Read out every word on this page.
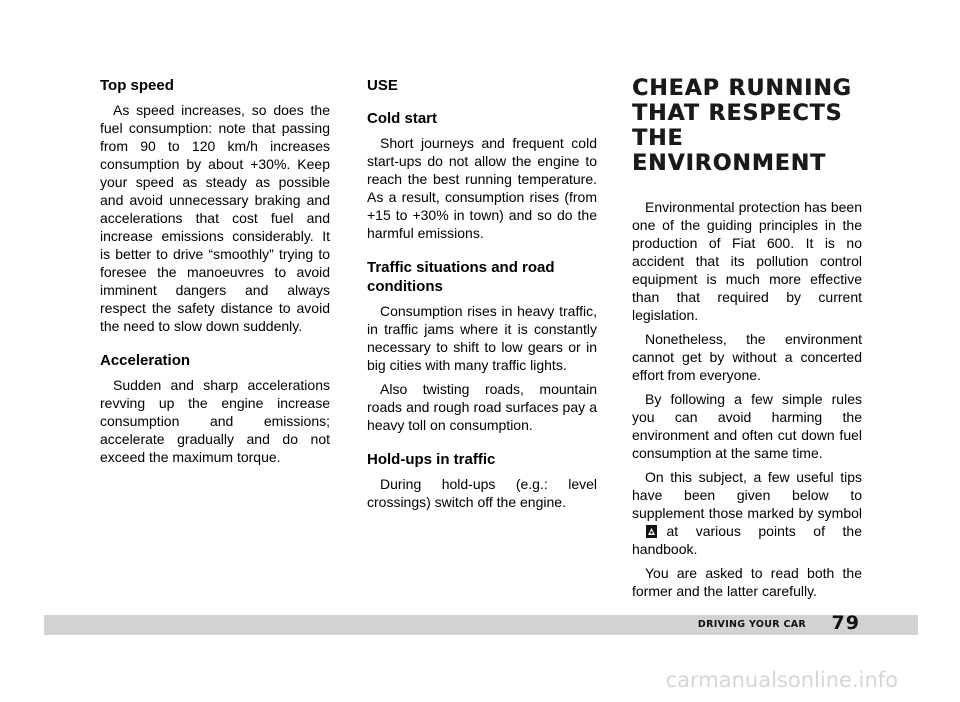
Top speed

As speed increases, so does the fuel consumption: note that passing from 90 to 120 km/h increases consumption by about +30%. Keep your speed as steady as possible and avoid unnecessary braking and accelerations that cost fuel and increase emissions considerably. It is better to drive “smoothly” trying to foresee the manoeuvres to avoid imminent dangers and always respect the safety distance to avoid the need to slow down suddenly.

Acceleration

Sudden and sharp accelerations revving up the engine increase consumption and emissions; accelerate gradually and do not exceed the maximum torque.

USE
Cold start

Short journeys and frequent cold start-ups do not allow the engine to reach the best running temperature. As a result, consumption rises (from +15 to +30% in town) and so do the harmful emissions.

Traffic situations and road conditions

Consumption rises in heavy traffic, in traffic jams where it is constantly necessary to shift to low gears or in big cities with many traffic lights.

Also twisting roads, mountain roads and rough road surfaces pay a heavy toll on consumption.

Hold-ups in traffic

During hold-ups (e.g.: level crossings) switch off the engine.

CHEAP RUNNING
THAT RESPECTS
THE ENVIRONMENT

Environmental protection has been one of the guiding principles in the production of Fiat 600. It is no accident that its pollution control equipment is much more effective than that required by current legislation.

Nonetheless, the environment cannot get by without a concerted effort from everyone.

By following a few simple rules you can avoid harming the environment and often cut down fuel consumption at the same time.

On this subject, a few useful tips have been given below to supplement those marked by symbol, at various points of the handbook.

You are asked to read both the former and the latter carefully.

DRIVING YOUR CAR 79
carmanualsonline.info
